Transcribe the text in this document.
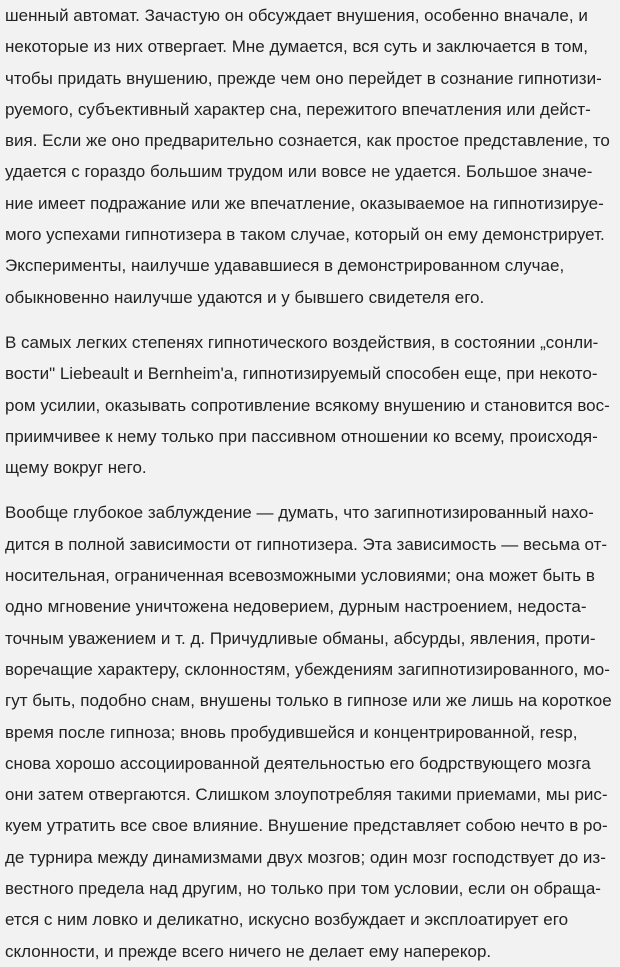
шенный автомат. Зачастую он обсуждает внушения, особенно вначале, и
некоторые из них отвергает. Мне думается, вся суть и заключается в том,
чтобы придать внушению, прежде чем оно перейдет в сознание гипнотизи-
руемого, субъективный характер сна, пережитого впечатления или дейст-
вия. Если же оно предварительно сознается, как простое представление, то
удается с гораздо большим трудом или вовсе не удается. Большое значе-
ние имеет подражание или же впечатление, оказываемое на гипнотизируе-
мого успехами гипнотизера в таком случае, который он ему демонстрирует.
Эксперименты, наилучше удававшиеся в демонстрированном случае,
обыкновенно наилучше удаются и у бывшего свидетеля его.
В самых легких степенях гипнотического воздействия, в состоянии „сонли-
вости" Liebeault и Bernheim'a, гипнотизируемый способен еще, при некото-
ром усилии, оказывать сопротивление всякому внушению и становится вос-
приимчивее к нему только при пассивном отношении ко всему, происходя-
щему вокруг него.
Вообще глубокое заблуждение — думать, что загипнотизированный нахо-
дится в полной зависимости от гипнотизера. Эта зависимость — весьма от-
носительная, ограниченная всевозможными условиями; она может быть в
одно мгновение уничтожена недоверием, дурным настроением, недоста-
точным уважением и т. д. Причудливые обманы, абсурды, явления, проти-
воречащие характеру, склонностям, убеждениям загипнотизированного, мо-
гут быть, подобно снам, внушены только в гипнозе или же лишь на короткое
время после гипноза; вновь пробудившейся и концентрированной, resp,
снова хорошо ассоциированной деятельностью его бодрствующего мозга
они затем отвергаются. Слишком злоупотребляя такими приемами, мы рис-
куем утратить все свое влияние. Внушение представляет собою нечто в ро-
де турнира между динамизмами двух мозгов; один мозг господствует до из-
вестного предела над другим, но только при том условии, если он обраща-
ется с ним ловко и деликатно, искусно возбуждает и эксплоатирует его
склонности, и прежде всего ничего не делает ему наперекор.
